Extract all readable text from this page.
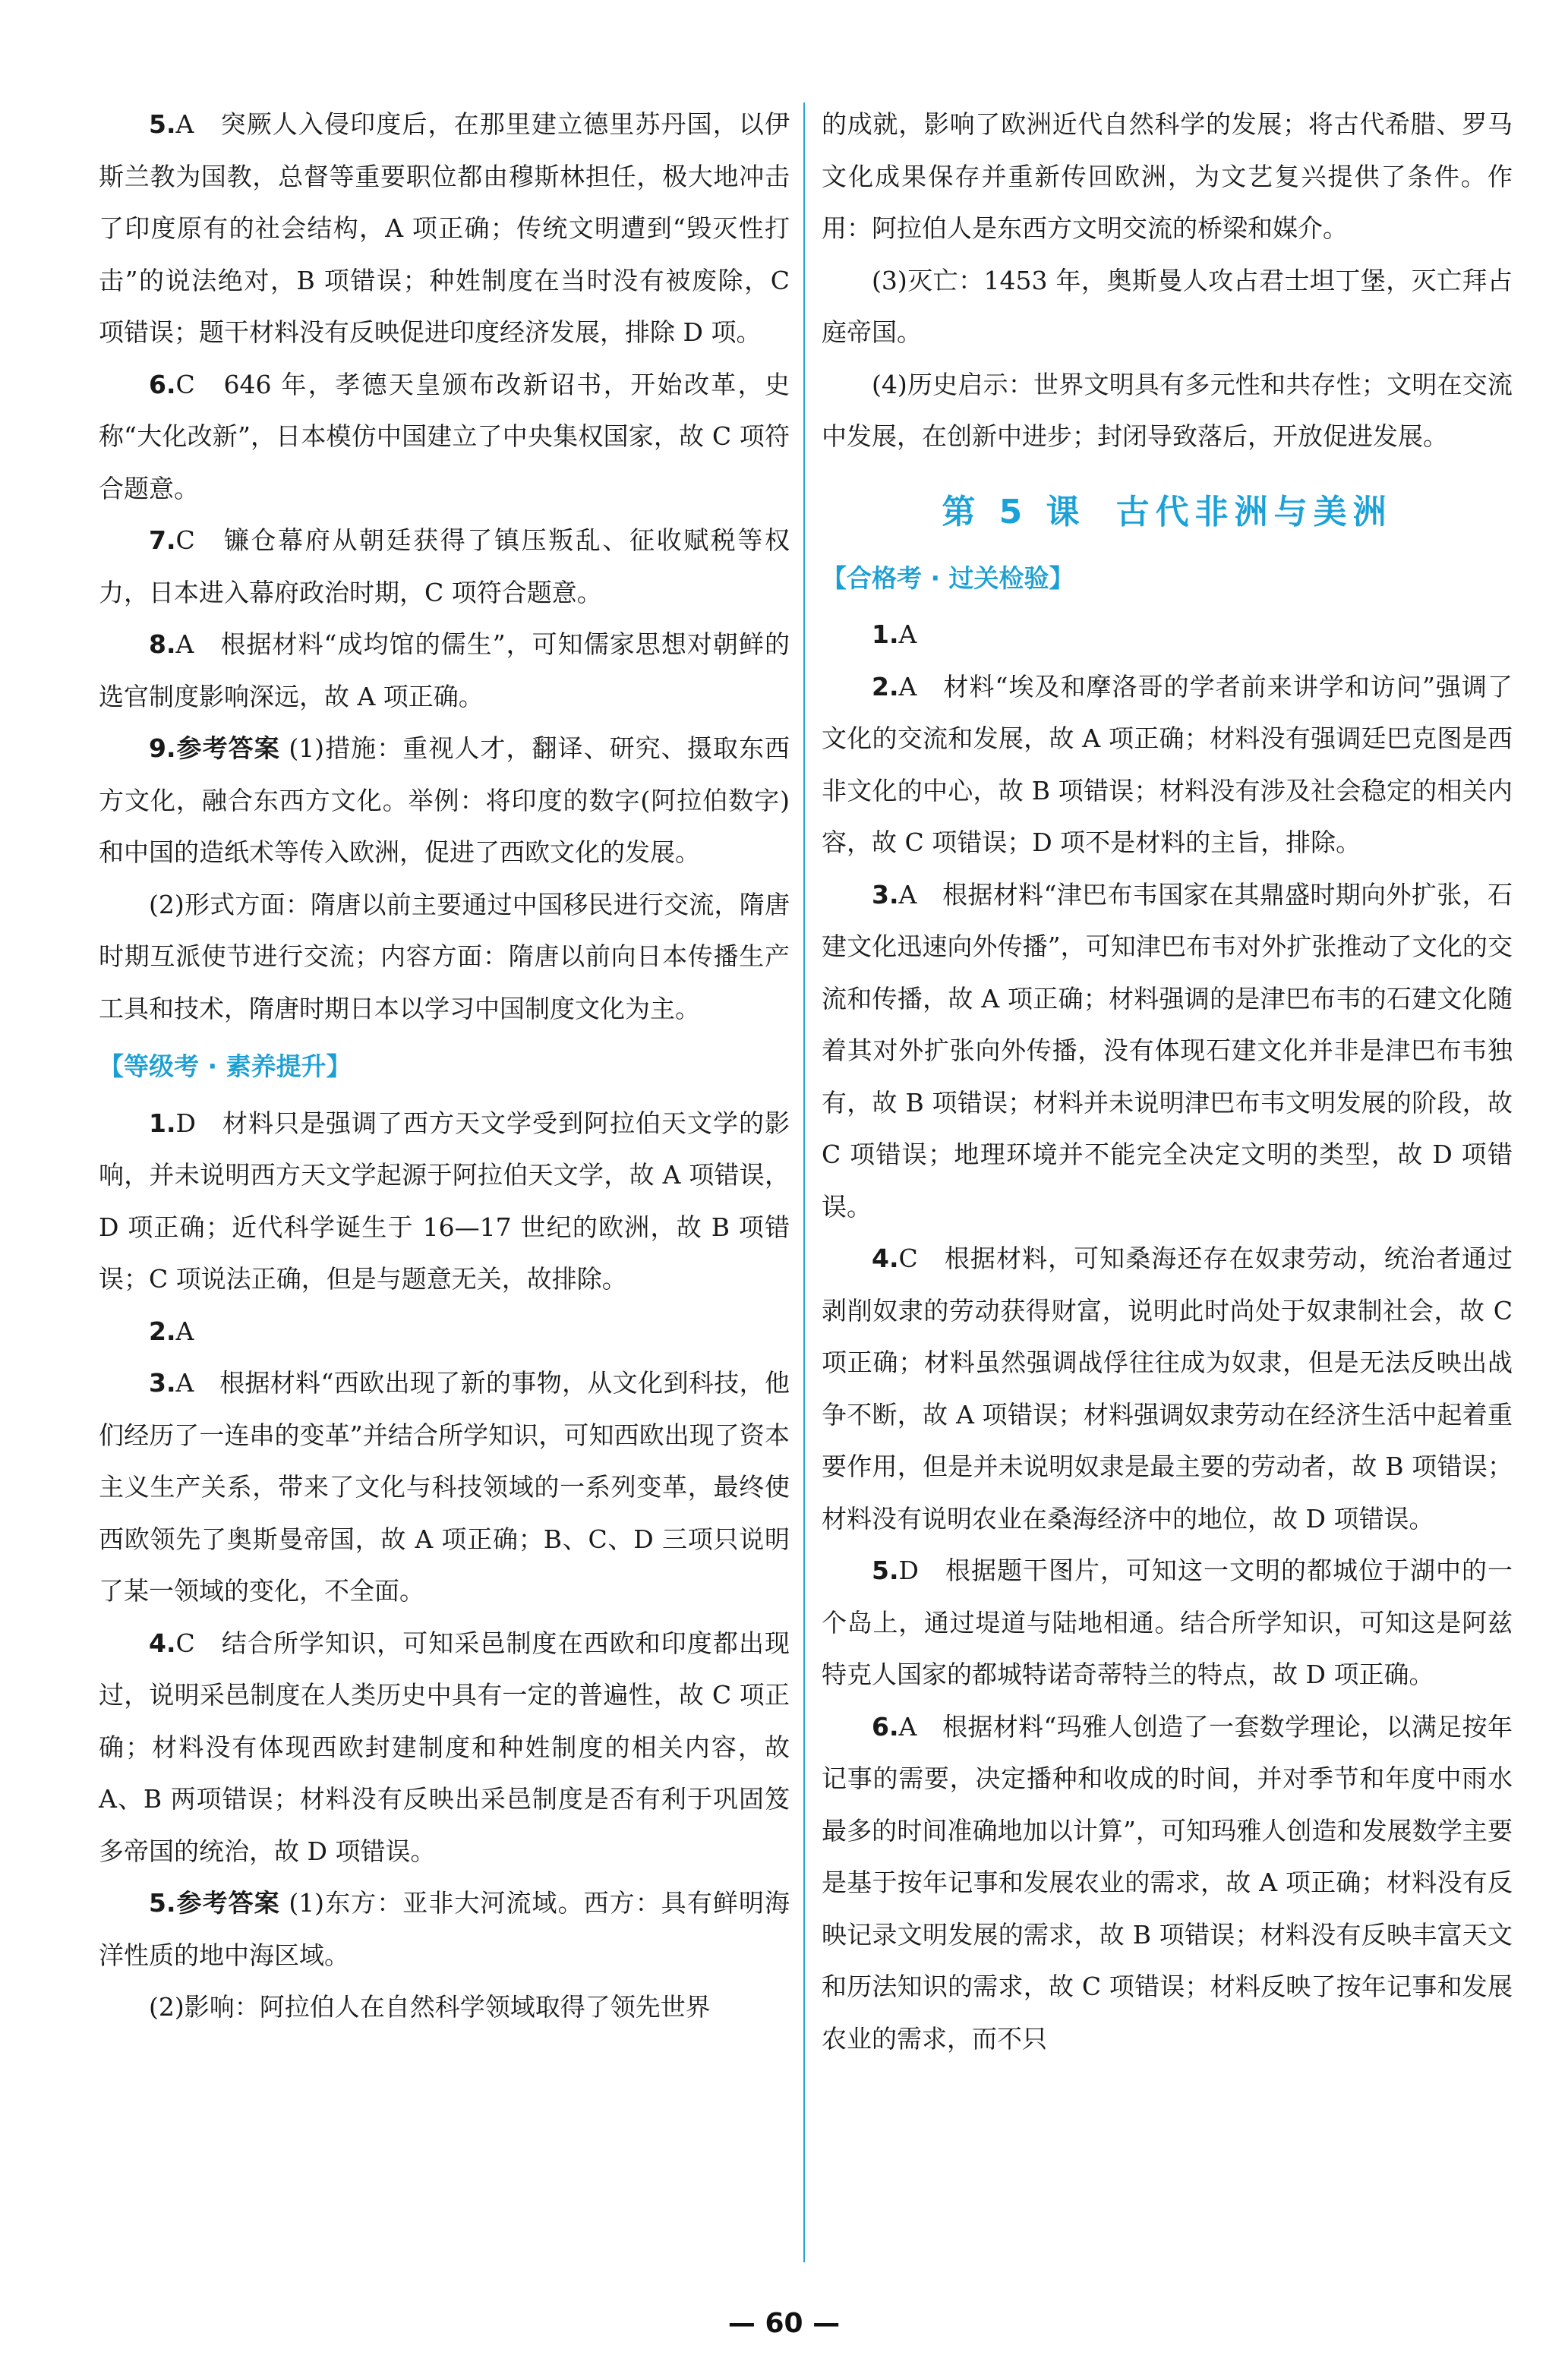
5.A　突厥人入侵印度后，在那里建立德里苏丹国，以伊斯兰教为国教，总督等重要职位都由穆斯林担任，极大地冲击了印度原有的社会结构，A 项正确；传统文明遭到“毁灭性打击”的说法绝对，B 项错误；种姓制度在当时没有被废除，C 项错误；题干材料没有反映促进印度经济发展，排除 D 项。

6.C　646 年，孝德天皇颁布改新诏书，开始改革，史称“大化改新”，日本模仿中国建立了中央集权国家，故 C 项符合题意。

7.C　镰仓幕府从朝廷获得了镇压叛乱、征收赋税等权力，日本进入幕府政治时期，C 项符合题意。

8.A　根据材料“成均馆的儒生”，可知儒家思想对朝鲜的选官制度影响深远，故 A 项正确。

9.参考答案 (1)措施：重视人才，翻译、研究、摄取东西方文化，融合东西方文化。举例：将印度的数字(阿拉伯数字)和中国的造纸术等传入欧洲，促进了西欧文化的发展。

(2)形式方面：隋唐以前主要通过中国移民进行交流，隋唐时期互派使节进行交流；内容方面：隋唐以前向日本传播生产工具和技术，隋唐时期日本以学习中国制度文化为主。

【等级考 · 素养提升】

1.D　材料只是强调了西方天文学受到阿拉伯天文学的影响，并未说明西方天文学起源于阿拉伯天文学，故 A 项错误，D 项正确；近代科学诞生于 16—17 世纪的欧洲，故 B 项错误；C 项说法正确，但是与题意无关，故排除。

2.A

3.A　根据材料“西欧出现了新的事物，从文化到科技，他们经历了一连串的变革”并结合所学知识，可知西欧出现了资本主义生产关系，带来了文化与科技领域的一系列变革，最终使西欧领先了奥斯曼帝国，故 A 项正确；B、C、D 三项只说明了某一领域的变化，不全面。

4.C　结合所学知识，可知采邑制度在西欧和印度都出现过，说明采邑制度在人类历史中具有一定的普遍性，故 C 项正确；材料没有体现西欧封建制度和种姓制度的相关内容，故 A、B 两项错误；材料没有反映出采邑制度是否有利于巩固笈多帝国的统治，故 D 项错误。

5.参考答案 (1)东方：亚非大河流域。西方：具有鲜明海洋性质的地中海区域。

(2)影响：阿拉伯人在自然科学领域取得了领先世界

的成就，影响了欧洲近代自然科学的发展；将古代希腊、罗马文化成果保存并重新传回欧洲，为文艺复兴提供了条件。作用：阿拉伯人是东西方文明交流的桥梁和媒介。

(3)灭亡：1453 年，奥斯曼人攻占君士坦丁堡，灭亡拜占庭帝国。

(4)历史启示：世界文明具有多元性和共存性；文明在交流中发展，在创新中进步；封闭导致落后，开放促进发展。

第 5 课 古代非洲与美洲
【合格考 · 过关检验】

1.A

2.A　材料“埃及和摩洛哥的学者前来讲学和访问”强调了文化的交流和发展，故 A 项正确；材料没有强调廷巴克图是西非文化的中心，故 B 项错误；材料没有涉及社会稳定的相关内容，故 C 项错误；D 项不是材料的主旨，排除。

3.A　根据材料“津巴布韦国家在其鼎盛时期向外扩张，石建文化迅速向外传播”，可知津巴布韦对外扩张推动了文化的交流和传播，故 A 项正确；材料强调的是津巴布韦的石建文化随着其对外扩张向外传播，没有体现石建文化并非是津巴布韦独有，故 B 项错误；材料并未说明津巴布韦文明发展的阶段，故 C 项错误；地理环境并不能完全决定文明的类型，故 D 项错误。

4.C　根据材料，可知桑海还存在奴隶劳动，统治者通过剥削奴隶的劳动获得财富，说明此时尚处于奴隶制社会，故 C 项正确；材料虽然强调战俘往往成为奴隶，但是无法反映出战争不断，故 A 项错误；材料强调奴隶劳动在经济生活中起着重要作用，但是并未说明奴隶是最主要的劳动者，故 B 项错误；材料没有说明农业在桑海经济中的地位，故 D 项错误。

5.D　根据题干图片，可知这一文明的都城位于湖中的一个岛上，通过堤道与陆地相通。结合所学知识，可知这是阿兹特克人国家的都城特诺奇蒂特兰的特点，故 D 项正确。

6.A　根据材料“玛雅人创造了一套数学理论，以满足按年记事的需要，决定播种和收成的时间，并对季节和年度中雨水最多的时间准确地加以计算”，可知玛雅人创造和发展数学主要是基于按年记事和发展农业的需求，故 A 项正确；材料没有反映记录文明发展的需求，故 B 项错误；材料没有反映丰富天文和历法知识的需求，故 C 项错误；材料反映了按年记事和发展农业的需求，而不只

— 60 —
